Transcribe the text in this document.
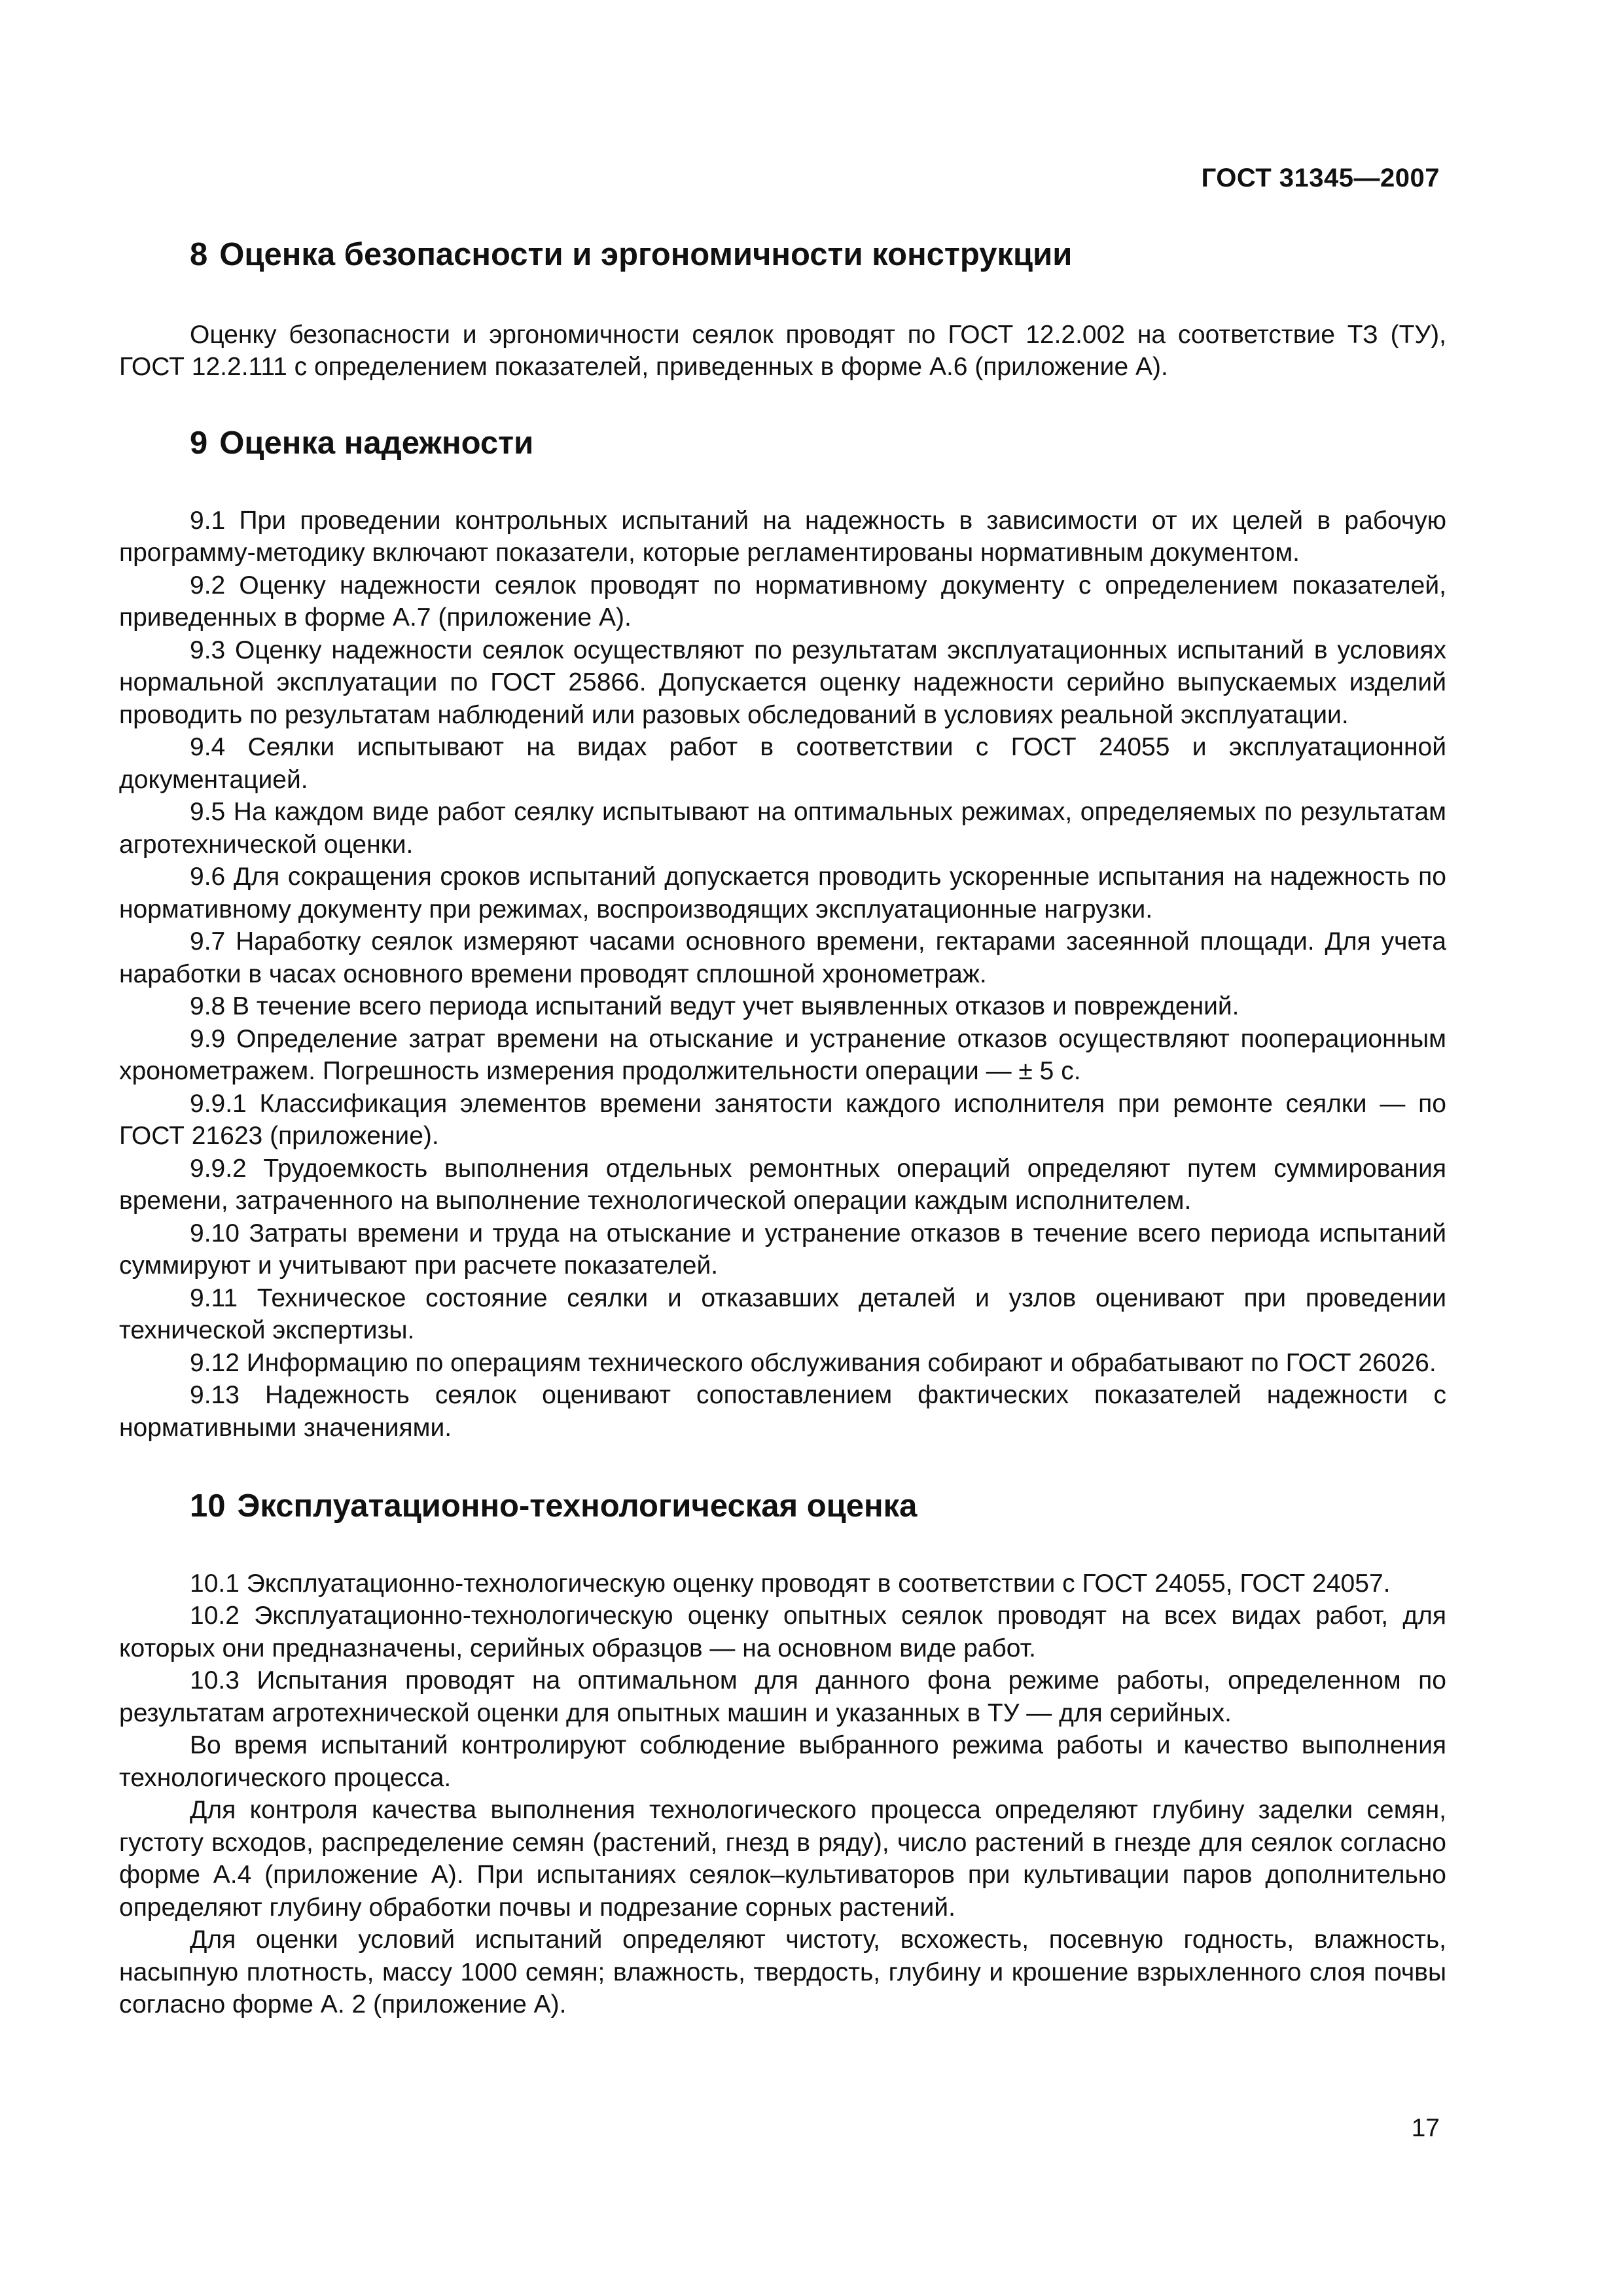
ГОСТ 31345—2007
8 Оценка безопасности и эргономичности конструкции

Оценку безопасности и эргономичности сеялок проводят по ГОСТ 12.2.002 на соответствие ТЗ (ТУ), ГОСТ 12.2.111 с определением показателей, приведенных в форме А.6 (приложение А).

9 Оценка надежности

9.1 При проведении контрольных испытаний на надежность в зависимости от их целей в рабочую программу-методику включают показатели, которые регламентированы нормативным документом.

9.2 Оценку надежности сеялок проводят по нормативному документу с определением показателей, приведенных в форме А.7 (приложение А).

9.3 Оценку надежности сеялок осуществляют по результатам эксплуатационных испытаний в условиях нормальной эксплуатации по ГОСТ 25866. Допускается оценку надежности серийно выпускаемых изделий проводить по результатам наблюдений или разовых обследований в условиях реальной эксплуатации.

9.4 Сеялки испытывают на видах работ в соответствии с ГОСТ 24055 и эксплуатационной документацией.

9.5 На каждом виде работ сеялку испытывают на оптимальных режимах, определяемых по результатам агротехнической оценки.

9.6 Для сокращения сроков испытаний допускается проводить ускоренные испытания на надежность по нормативному документу при режимах, воспроизводящих эксплуатационные нагрузки.

9.7 Наработку сеялок измеряют часами основного времени, гектарами засеянной площади. Для учета наработки в часах основного времени проводят сплошной хронометраж.

9.8 В течение всего периода испытаний ведут учет выявленных отказов и повреждений.

9.9 Определение затрат времени на отыскание и устранение отказов осуществляют пооперационным хронометражем. Погрешность измерения продолжительности операции — ± 5 с.

9.9.1 Классификация элементов времени занятости каждого исполнителя при ремонте сеялки — по ГОСТ 21623 (приложение).

9.9.2 Трудоемкость выполнения отдельных ремонтных операций определяют путем суммирования времени, затраченного на выполнение технологической операции каждым исполнителем.

9.10 Затраты времени и труда на отыскание и устранение отказов в течение всего периода испытаний суммируют и учитывают при расчете показателей.

9.11 Техническое состояние сеялки и отказавших деталей и узлов оценивают при проведении технической экспертизы.

9.12 Информацию по операциям технического обслуживания собирают и обрабатывают по ГОСТ 26026.

9.13 Надежность сеялок оценивают сопоставлением фактических показателей надежности с нормативными значениями.

10 Эксплуатационно-технологическая оценка

10.1 Эксплуатационно-технологическую оценку проводят в соответствии с ГОСТ 24055, ГОСТ 24057.

10.2 Эксплуатационно-технологическую оценку опытных сеялок проводят на всех видах работ, для которых они предназначены, серийных образцов — на основном виде работ.

10.3 Испытания проводят на оптимальном для данного фона режиме работы, определенном по результатам агротехнической оценки для опытных машин и указанных в ТУ — для серийных.

Во время испытаний контролируют соблюдение выбранного режима работы и качество выполнения технологического процесса.

Для контроля качества выполнения технологического процесса определяют глубину заделки семян, густоту всходов, распределение семян (растений, гнезд в ряду), число растений в гнезде для сеялок согласно форме А.4 (приложение А). При испытаниях сеялок–культиваторов при культивации паров дополнительно определяют глубину обработки почвы и подрезание сорных растений.

Для оценки условий испытаний определяют чистоту, всхожесть, посевную годность, влажность, насыпную плотность, массу 1000 семян; влажность, твердость, глубину и крошение взрыхленного слоя почвы согласно форме А. 2 (приложение А).

17
